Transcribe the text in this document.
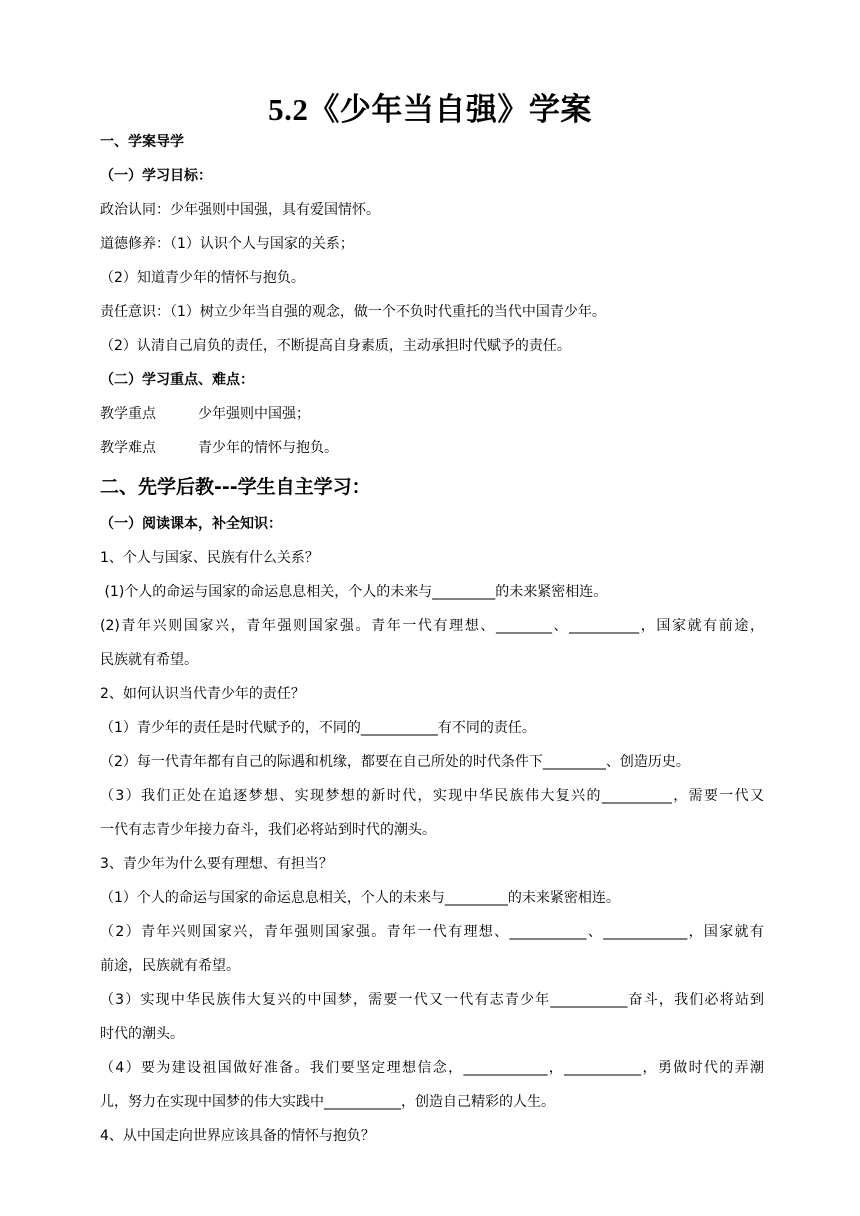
5.2《少年当自强》学案

一、学案导学

（一）学习目标：

政治认同：少年强则中国强，具有爱国情怀。

道德修养：（1）认识个人与国家的关系；

（2）知道青少年的情怀与抱负。

责任意识：（1）树立少年当自强的观念，做一个不负时代重托的当代中国青少年。

（2）认清自己肩负的责任，不断提高自身素质，主动承担时代赋予的责任。

（二）学习重点、难点：

教学重点	少年强则中国强；

教学难点	青少年的情怀与抱负。

二、先学后教---学生自主学习：

（一）阅读课本，补全知识：

1、个人与国家、民族有什么关系？

(1)个人的命运与国家的命运息息相关，个人的未来与_________的未来紧密相连。

(2)青年兴则国家兴，青年强则国家强。青年一代有理想、________、__________，国家就有前途，

民族就有希望。

2、如何认识当代青少年的责任？

（1）青少年的责任是时代赋予的，不同的___________有不同的责任。

（2）每一代青年都有自己的际遇和机缘，都要在自己所处的时代条件下_________、创造历史。

（3）我们正处在追逐梦想、实现梦想的新时代，实现中华民族伟大复兴的__________，需要一代又

一代有志青少年接力奋斗，我们必将站到时代的潮头。

3、青少年为什么要有理想、有担当？

（1）个人的命运与国家的命运息息相关，个人的未来与_________的未来紧密相连。

（2）青年兴则国家兴，青年强则国家强。青年一代有理想、___________、____________，国家就有

前途，民族就有希望。

（3）实现中华民族伟大复兴的中国梦，需要一代又一代有志青少年___________奋斗，我们必将站到

时代的潮头。

（4）要为建设祖国做好准备。我们要坚定理想信念，____________，___________，勇做时代的弄潮

儿，努力在实现中国梦的伟大实践中___________，创造自己精彩的人生。

4、从中国走向世界应该具备的情怀与抱负？
